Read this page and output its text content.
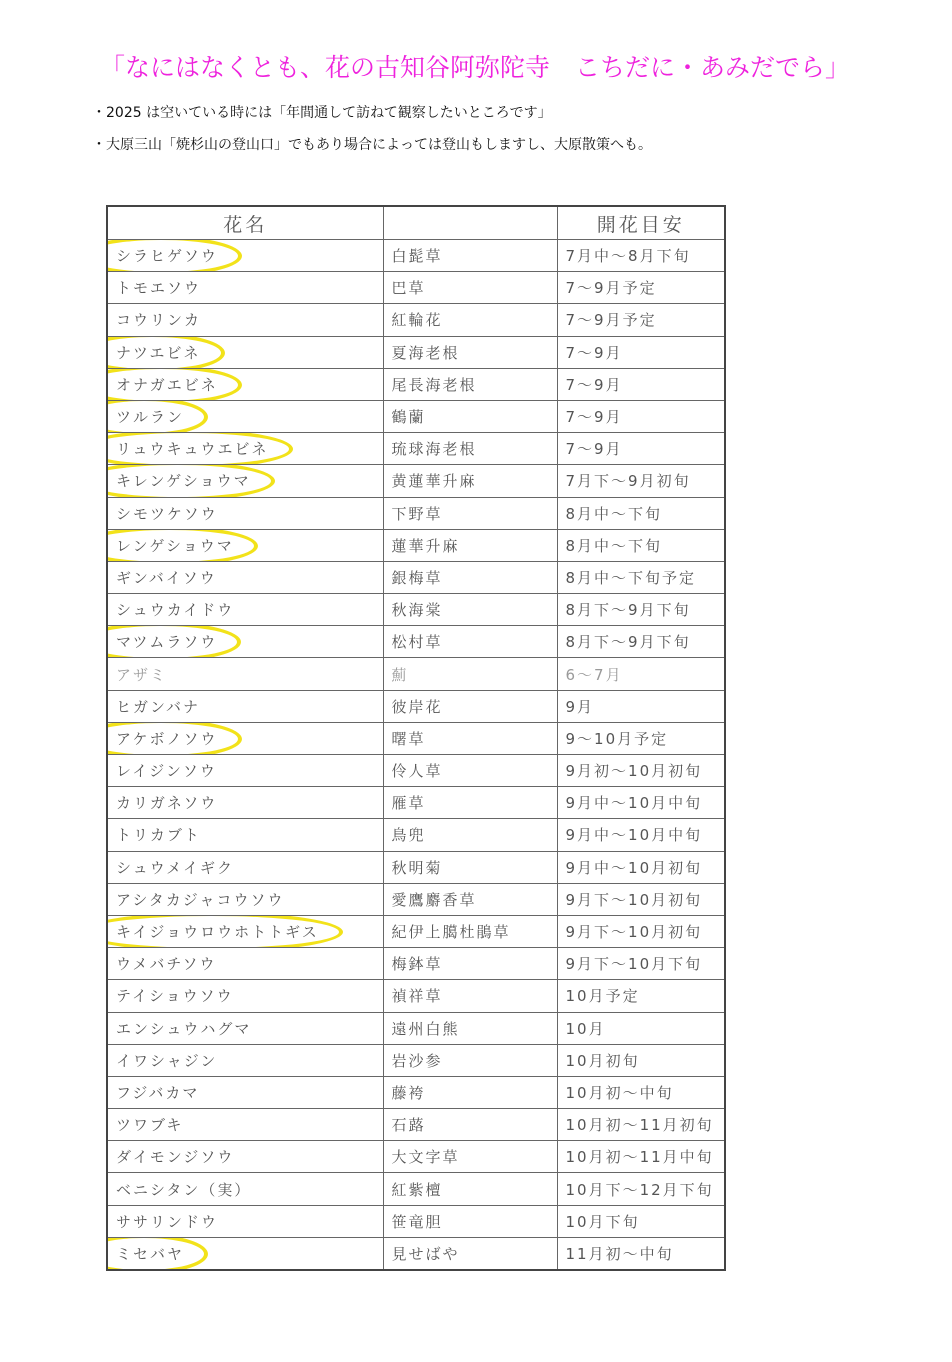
「なにはなくとも、花の古知谷阿弥陀寺　こちだに・あみだでら」
・2025 は空いている時には「年間通して訪ねて観察したいところです」
・大原三山「焼杉山の登山口」でもあり場合によっては登山もしますし、大原散策へも。
花名		開花目安
シラヒゲソウ	白髭草	7月中～8月下旬
トモエソウ	巴草	7～9月予定
コウリンカ	紅輪花	7～9月予定
ナツエビネ	夏海老根	7～9月
オナガエビネ	尾長海老根	7～9月
ツルラン	鶴蘭	7～9月
リュウキュウエビネ	琉球海老根	7～9月
キレンゲショウマ	黄蓮華升麻	7月下～9月初旬
シモツケソウ	下野草	8月中～下旬
レンゲショウマ	蓮華升麻	8月中～下旬
ギンバイソウ	銀梅草	8月中～下旬予定
シュウカイドウ	秋海棠	8月下～9月下旬
マツムラソウ	松村草	8月下～9月下旬
アザミ	薊	6～7月
ヒガンバナ	彼岸花	9月
アケボノソウ	曙草	9～10月予定
レイジンソウ	伶人草	9月初～10月初旬
カリガネソウ	雁草	9月中～10月中旬
トリカブト	鳥兜	9月中～10月中旬
シュウメイギク	秋明菊	9月中～10月初旬
アシタカジャコウソウ	愛鷹麝香草	9月下～10月初旬
キイジョウロウホトトギス	紀伊上臈杜鵑草	9月下～10月初旬
ウメバチソウ	梅鉢草	9月下～10月下旬
テイショウソウ	禎祥草	10月予定
エンシュウハグマ	遠州白熊	10月
イワシャジン	岩沙参	10月初旬
フジバカマ	藤袴	10月初～中旬
ツワブキ	石蕗	10月初～11月初旬
ダイモンジソウ	大文字草	10月初～11月中旬
ベニシタン（実）	紅紫檀	10月下～12月下旬
ササリンドウ	笹竜胆	10月下旬
ミセバヤ	見せばや	11月初～中旬
